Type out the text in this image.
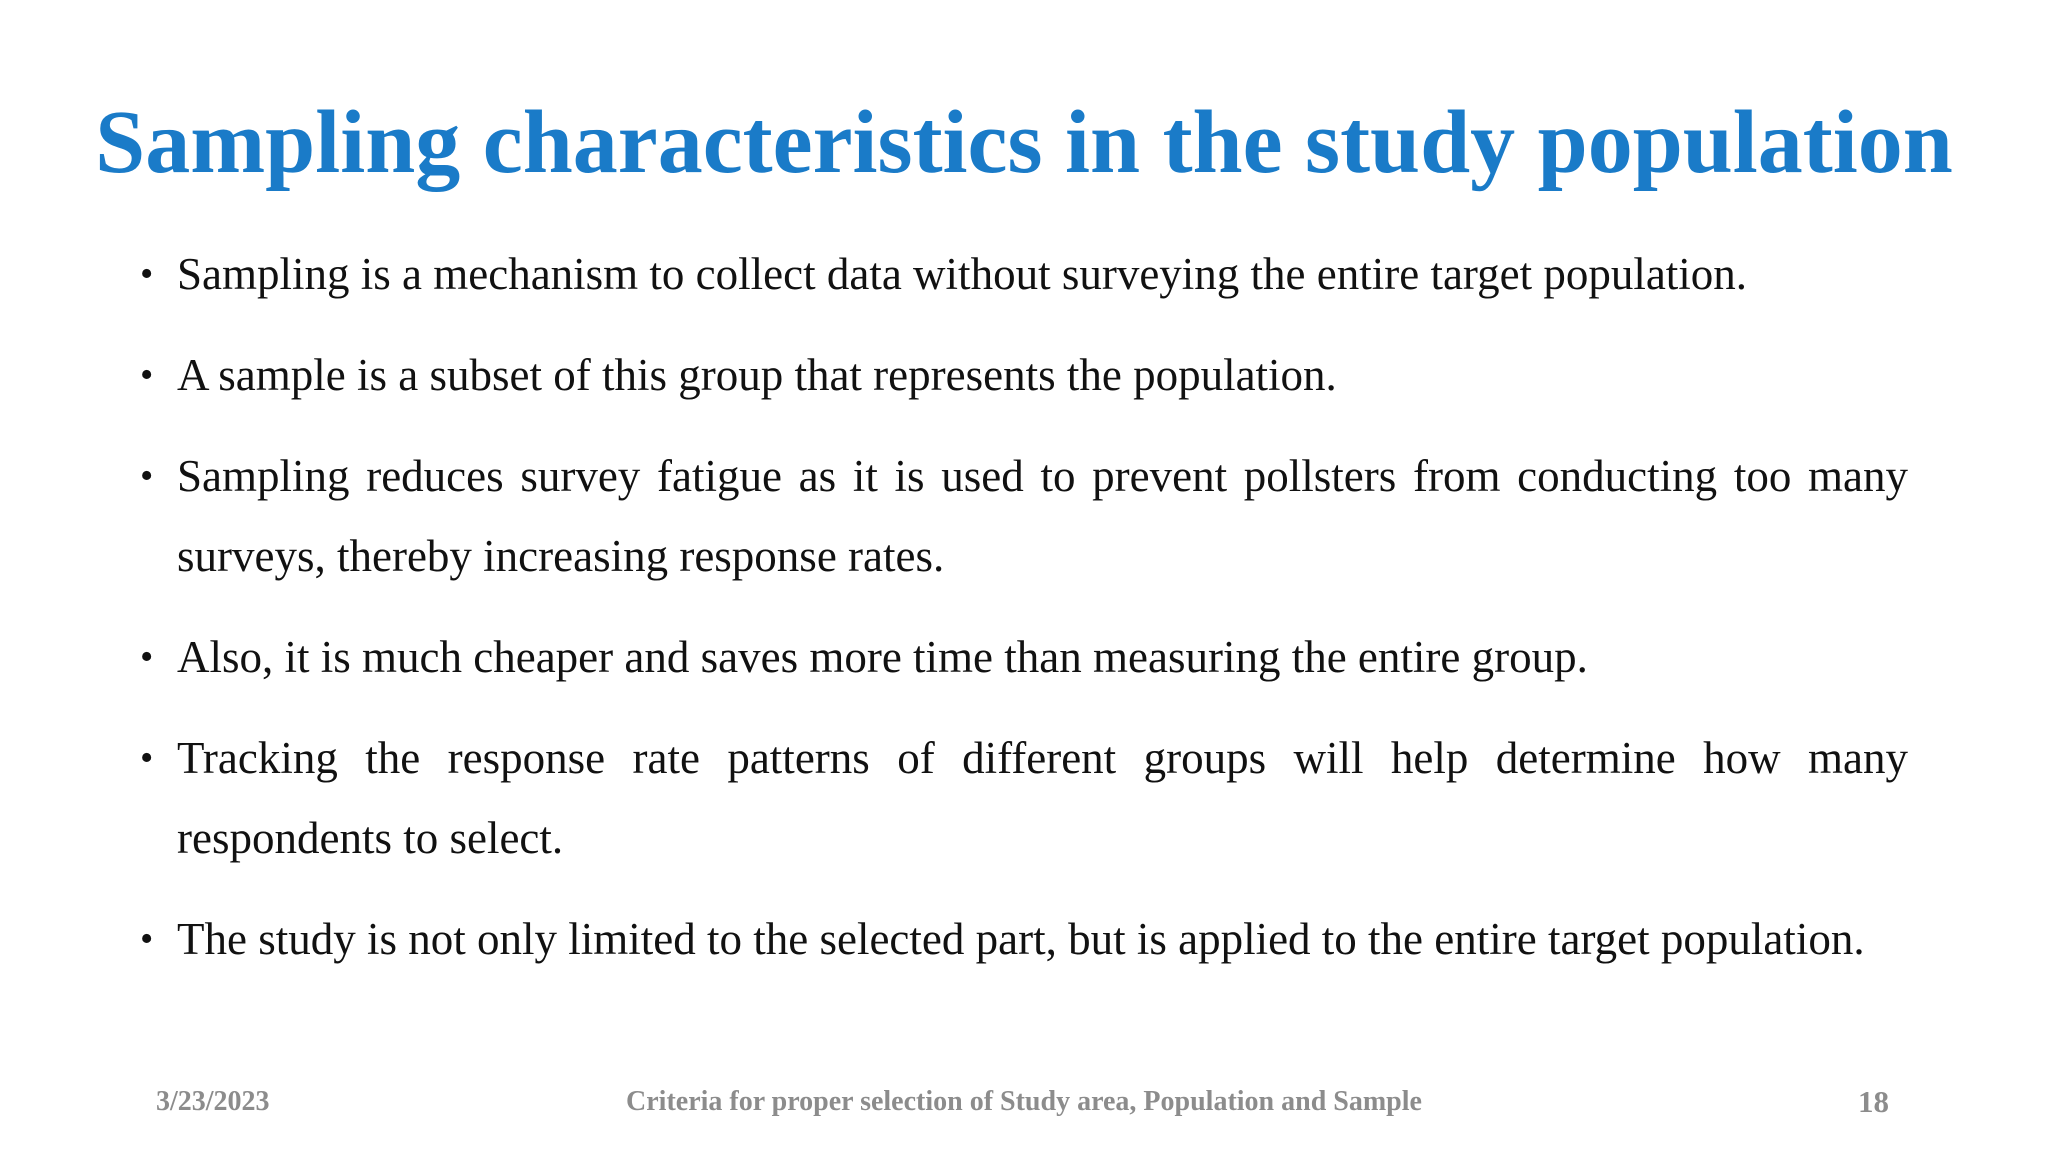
Sampling characteristics in the study population
• Sampling is a mechanism to collect data without surveying the entire target population.
• A sample is a subset of this group that represents the population.
• Sampling reduces survey fatigue as it is used to prevent pollsters from conducting too many surveys, thereby increasing response rates.
• Also, it is much cheaper and saves more time than measuring the entire group.
• Tracking the response rate patterns of different groups will help determine how many respondents to select.
• The study is not only limited to the selected part, but is applied to the entire target population.
3/23/2023	Criteria for proper selection of Study area, Population and Sample	18
